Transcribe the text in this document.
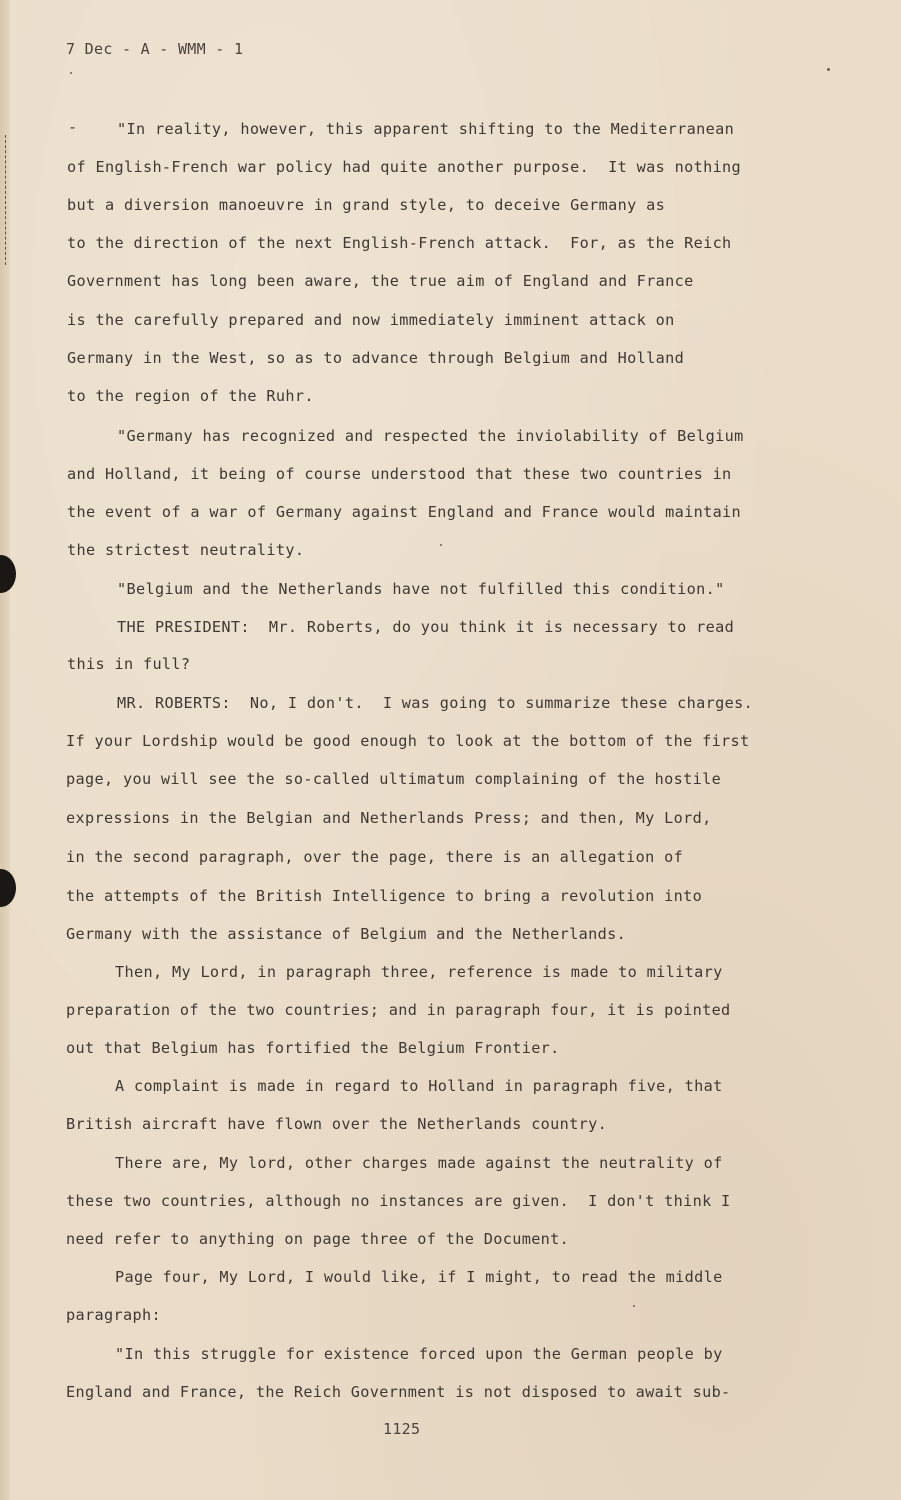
7 Dec - A - WMM - 1
-	"In reality, however, this apparent shifting to the Mediterranean
of English-French war policy had quite another purpose.  It was nothing
but a diversion manoeuvre in grand style, to deceive Germany as
to the direction of the next English-French attack.  For, as the Reich
Government has long been aware, the true aim of England and France
is the carefully prepared and now immediately imminent attack on
Germany in the West, so as to advance through Belgium and Holland
to the region of the Ruhr.
"Germany has recognized and respected the inviolability of Belgium
and Holland, it being of course understood that these two countries in
the event of a war of Germany against England and France would maintain
the strictest neutrality.
"Belgium and the Netherlands have not fulfilled this condition."
THE PRESIDENT:  Mr. Roberts, do you think it is necessary to read
this in full?
MR. ROBERTS:  No, I don't.  I was going to summarize these charges.
If your Lordship would be good enough to look at the bottom of the first
page, you will see the so-called ultimatum complaining of the hostile
expressions in the Belgian and Netherlands Press; and then, My Lord,
in the second paragraph, over the page, there is an allegation of
the attempts of the British Intelligence to bring a revolution into
Germany with the assistance of Belgium and the Netherlands.
Then, My Lord, in paragraph three, reference is made to military
preparation of the two countries; and in paragraph four, it is pointed
out that Belgium has fortified the Belgium Frontier.
A complaint is made in regard to Holland in paragraph five, that
British aircraft have flown over the Netherlands country.
There are, My lord, other charges made against the neutrality of
these two countries, although no instances are given.  I don't think I
need refer to anything on page three of the Document.
Page four, My Lord, I would like, if I might, to read the middle
paragraph:
"In this struggle for existence forced upon the German people by
England and France, the Reich Government is not disposed to await sub-
1125
